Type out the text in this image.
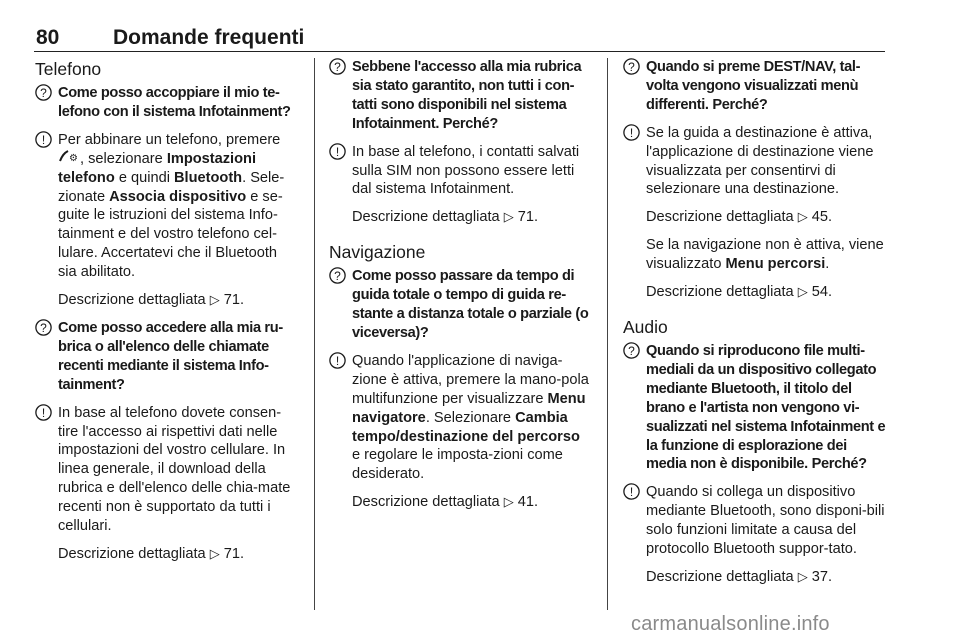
80	Domande frequenti
Telefono
? Come posso accoppiare il mio te-lefono con il sistema Infotainment?
! Per abbinare un telefono, premere
⚙ , selezionare Impostazioni telefono e quindi Bluetooth. Sele-zionate Associa dispositivo e se-guite le istruzioni del sistema Info-tainment e del vostro telefono cel-lulare. Accertatevi che il Bluetooth sia abilitato.
Descrizione dettagliata ▷ 71.
? Come posso accedere alla mia ru-brica o all'elenco delle chiamate recenti mediante il sistema Info-tainment?
! In base al telefono dovete consen-tire l'accesso ai rispettivi dati nelle impostazioni del vostro cellulare. In linea generale, il download della rubrica e dell'elenco delle chia-mate recenti non è supportato da tutti i cellulari.
Descrizione dettagliata ▷ 71.
? Sebbene l'accesso alla mia rubrica sia stato garantito, non tutti i con-tatti sono disponibili nel sistema Infotainment. Perché?
! In base al telefono, i contatti salvati sulla SIM non possono essere letti dal sistema Infotainment.
Descrizione dettagliata ▷ 71.
Navigazione
? Come posso passare da tempo di guida totale o tempo di guida re-stante a distanza totale o parziale (o viceversa)?
! Quando l'applicazione di naviga-zione è attiva, premere la mano-pola multifunzione per visualizzare Menu navigatore. Selezionare Cambia tempo/destinazione del percorso e regolare le imposta-zioni come desiderato.
Descrizione dettagliata ▷ 41.
? Quando si preme DEST/NAV, tal-volta vengono visualizzati menù differenti. Perché?
! Se la guida a destinazione è attiva, l'applicazione di destinazione viene visualizzata per consentirvi di selezionare una destinazione.
Descrizione dettagliata ▷ 45.
Se la navigazione non è attiva, viene visualizzato Menu percorsi.
Descrizione dettagliata ▷ 54.
Audio
? Quando si riproducono file multi-mediali da un dispositivo collegato mediante Bluetooth, il titolo del brano e l'artista non vengono vi-sualizzati nel sistema Infotainment e la funzione di esplorazione dei media non è disponibile. Perché?
! Quando si collega un dispositivo mediante Bluetooth, sono disponi-bili solo funzioni limitate a causa del protocollo Bluetooth suppor-tato.
Descrizione dettagliata ▷ 37.
carmanualsonline.info
